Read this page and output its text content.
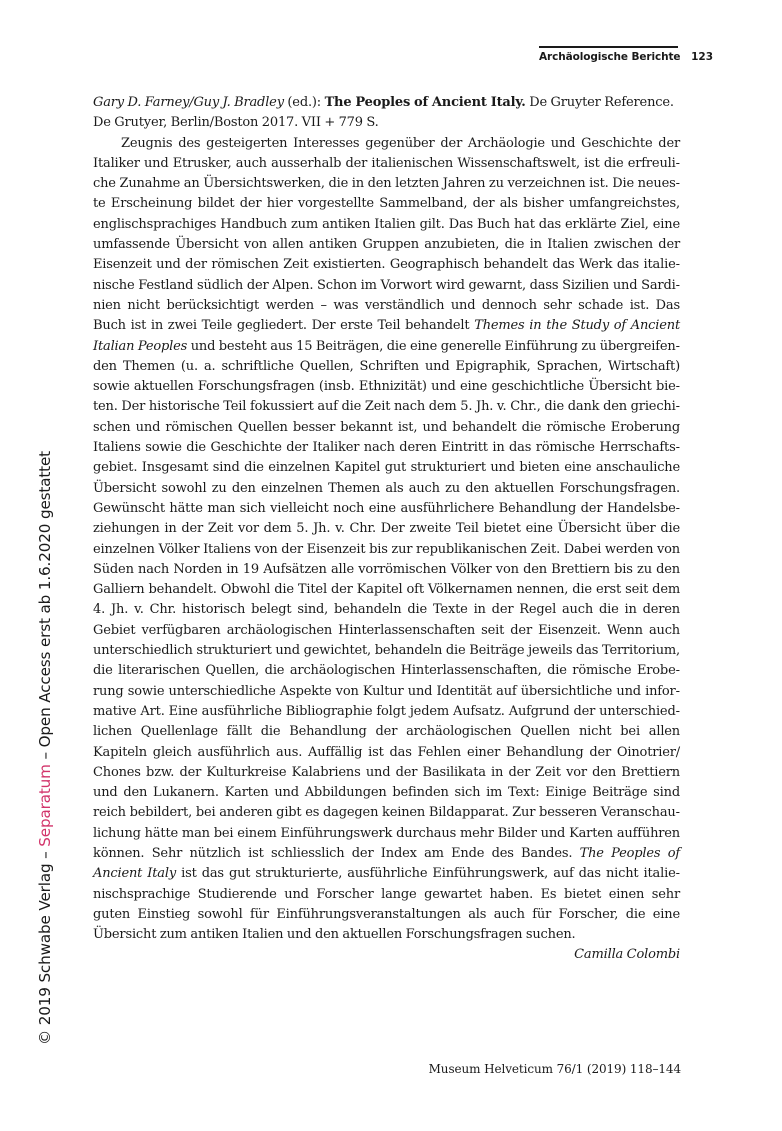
Archäologische Berichte 123

Gary D. Farney/Guy J. Bradley (ed.): The Peoples of Ancient Italy. De Gruyter Reference. De Grutyer, Berlin/Boston 2017. VII + 779 S.

Zeugnis des gesteigerten Interesses gegenüber der Archäologie und Geschichte der Italiker und Etrusker, auch ausserhalb der italienischen Wissenschaftswelt, ist die erfreuliche Zunahme an Übersichtswerken, die in den letzten Jahren zu verzeichnen ist. Die neueste Erscheinung bildet der hier vorgestellte Sammelband, der als bisher umfangreichstes, englischsprachiges Handbuch zum antiken Italien gilt. Das Buch hat das erklärte Ziel, eine umfassende Übersicht von allen antiken Gruppen anzubieten, die in Italien zwischen der Eisenzeit und der römischen Zeit existierten. Geographisch behandelt das Werk das italienische Festland südlich der Alpen. Schon im Vorwort wird gewarnt, dass Sizilien und Sardinien nicht berücksichtigt werden – was verständlich und dennoch sehr schade ist. Das Buch ist in zwei Teile gegliedert. Der erste Teil behandelt Themes in the Study of Ancient Italian Peoples und besteht aus 15 Beiträgen, die eine generelle Einführung zu übergreifenden Themen (u. a. schriftliche Quellen, Schriften und Epigraphik, Sprachen, Wirtschaft) sowie aktuellen Forschungsfragen (insb. Ethnizität) und eine geschichtliche Übersicht bieten. Der historische Teil fokussiert auf die Zeit nach dem 5. Jh. v. Chr., die dank den griechischen und römischen Quellen besser bekannt ist, und behandelt die römische Eroberung Italiens sowie die Geschichte der Italiker nach deren Eintritt in das römische Herrschaftsgebiet. Insgesamt sind die einzelnen Kapitel gut strukturiert und bieten eine anschauliche Übersicht sowohl zu den einzelnen Themen als auch zu den aktuellen Forschungsfragen. Gewünscht hätte man sich vielleicht noch eine ausführlichere Behandlung der Handelsbeziehungen in der Zeit vor dem 5. Jh. v. Chr. Der zweite Teil bietet eine Übersicht über die einzelnen Völker Italiens von der Eisenzeit bis zur republikanischen Zeit. Dabei werden von Süden nach Norden in 19 Aufsätzen alle vorrömischen Völker von den Brettiern bis zu den Galliern behandelt. Obwohl die Titel der Kapitel oft Völkernamen nennen, die erst seit dem 4. Jh. v. Chr. historisch belegt sind, behandeln die Texte in der Regel auch die in deren Gebiet verfügbaren archäologischen Hinterlassenschaften seit der Eisenzeit. Wenn auch unterschiedlich strukturiert und gewichtet, behandeln die Beiträge jeweils das Territorium, die literarischen Quellen, die archäologischen Hinterlassenschaften, die römische Eroberung sowie unterschiedliche Aspekte von Kultur und Identität auf übersichtliche und informative Art. Eine ausführliche Bibliographie folgt jedem Aufsatz. Aufgrund der unterschiedlichen Quellenlage fällt die Behandlung der archäologischen Quellen nicht bei allen Kapiteln gleich ausführlich aus. Auffällig ist das Fehlen einer Behandlung der Oinotrier/ Chones bzw. der Kulturkreise Kalabriens und der Basilikata in der Zeit vor den Brettiern und den Lukanern. Karten und Abbildungen befinden sich im Text: Einige Beiträge sind reich bebildert, bei anderen gibt es dagegen keinen Bildapparat. Zur besseren Veranschaulichung hätte man bei einem Einführungswerk durchaus mehr Bilder und Karten aufführen können. Sehr nützlich ist schliesslich der Index am Ende des Bandes. The Peoples of Ancient Italy ist das gut strukturierte, ausführliche Einführungswerk, auf das nicht italienischsprachige Studierende und Forscher lange gewartet haben. Es bietet einen sehr guten Einstieg sowohl für Einführungsveranstaltungen als auch für Forscher, die eine Übersicht zum antiken Italien und den aktuellen Forschungsfragen suchen.

Camilla Colombi

© 2019 Schwabe Verlag – Separatum – Open Access erst ab 1.6.2020 gestattet
Museum Helveticum 76/1 (2019) 118–144
